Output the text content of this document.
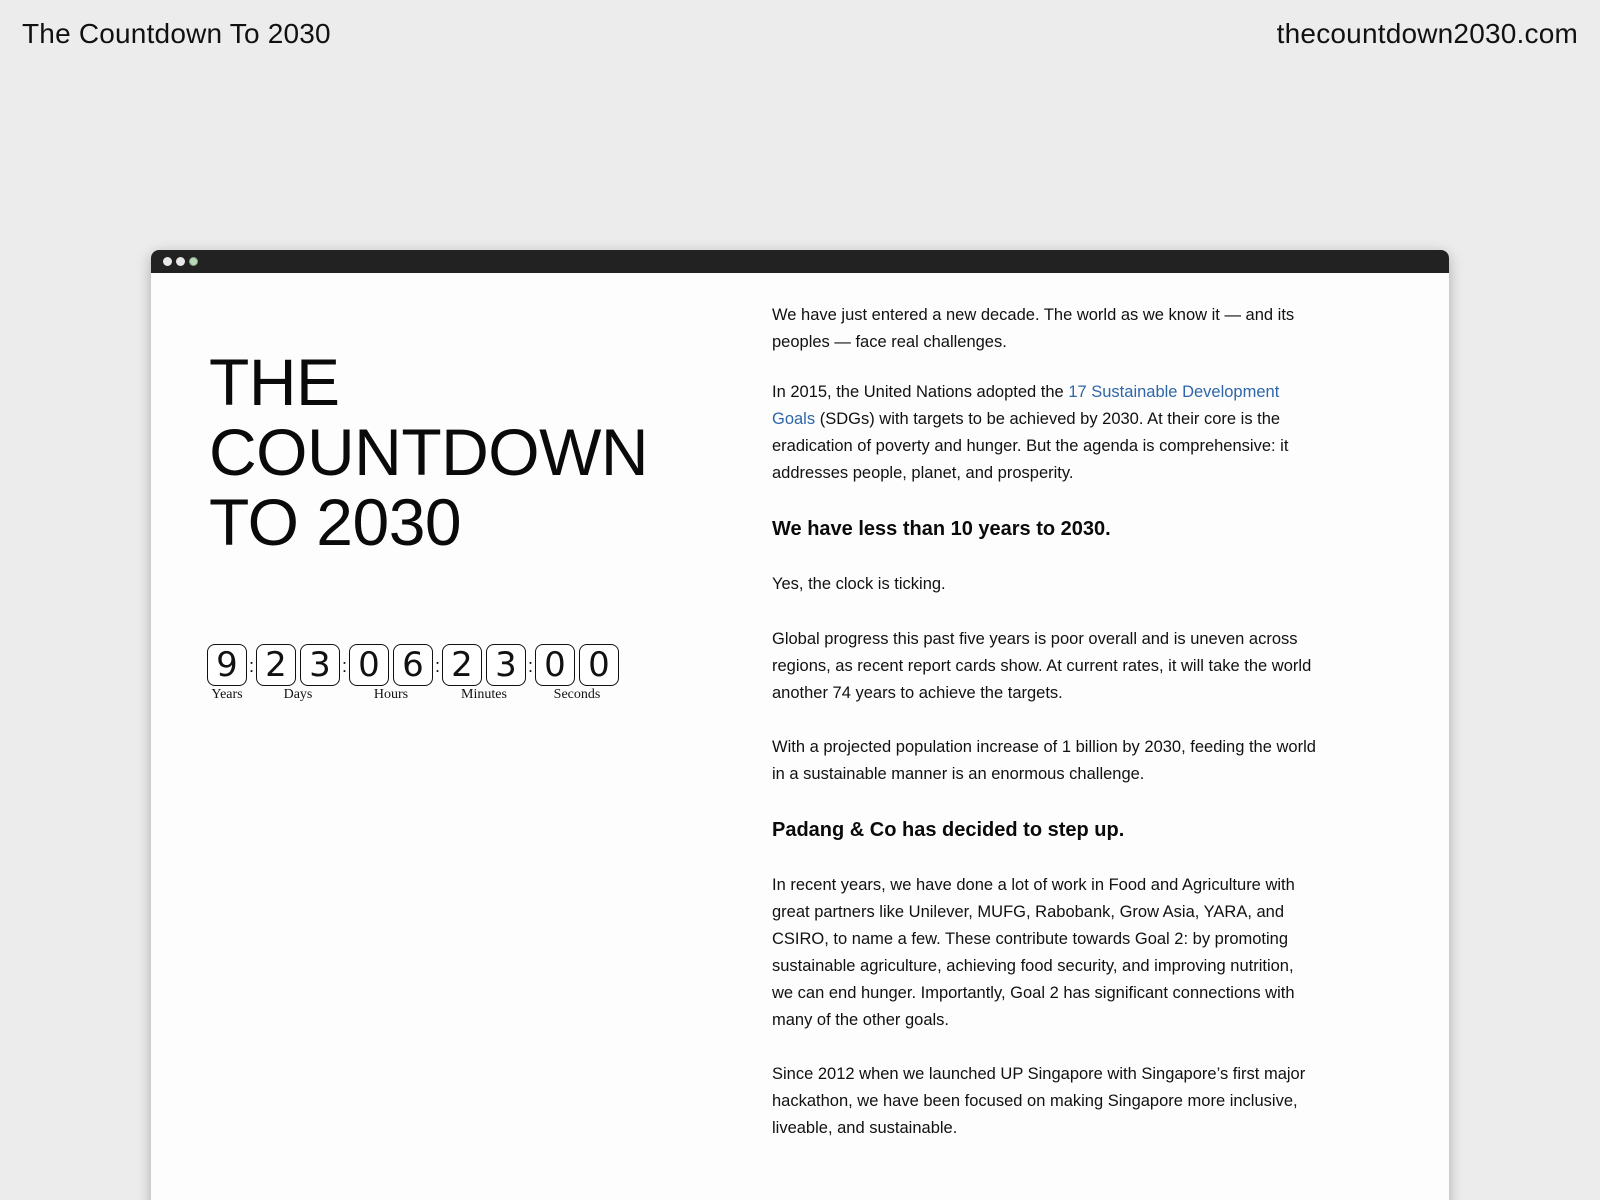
The Countdown To 2030	thecountdown2030.com
THE
COUNTDOWN
TO 2030
9
Years
: 2 3
Days
: 0 6
Hours
: 2 3
Minutes
: 0 0
Seconds

We have just entered a new decade. The world as we know it — and its peoples — face real challenges.

In 2015, the United Nations adopted the 17 Sustainable Development Goals (SDGs) with targets to be achieved by 2030. At their core is the eradication of poverty and hunger. But the agenda is comprehensive: it addresses people, planet, and prosperity.

We have less than 10 years to 2030.

Yes, the clock is ticking.

Global progress this past five years is poor overall and is uneven across regions, as recent report cards show. At current rates, it will take the world another 74 years to achieve the targets.

With a projected population increase of 1 billion by 2030, feeding the world in a sustainable manner is an enormous challenge.

Padang & Co has decided to step up.

In recent years, we have done a lot of work in Food and Agriculture with great partners like Unilever, MUFG, Rabobank, Grow Asia, YARA, and CSIRO, to name a few. These contribute towards Goal 2: by promoting sustainable agriculture, achieving food security, and improving nutrition, we can end hunger. Importantly, Goal 2 has significant connections with many of the other goals.

Since 2012 when we launched UP Singapore with Singapore’s first major hackathon, we have been focused on making Singapore more inclusive, liveable, and sustainable.
